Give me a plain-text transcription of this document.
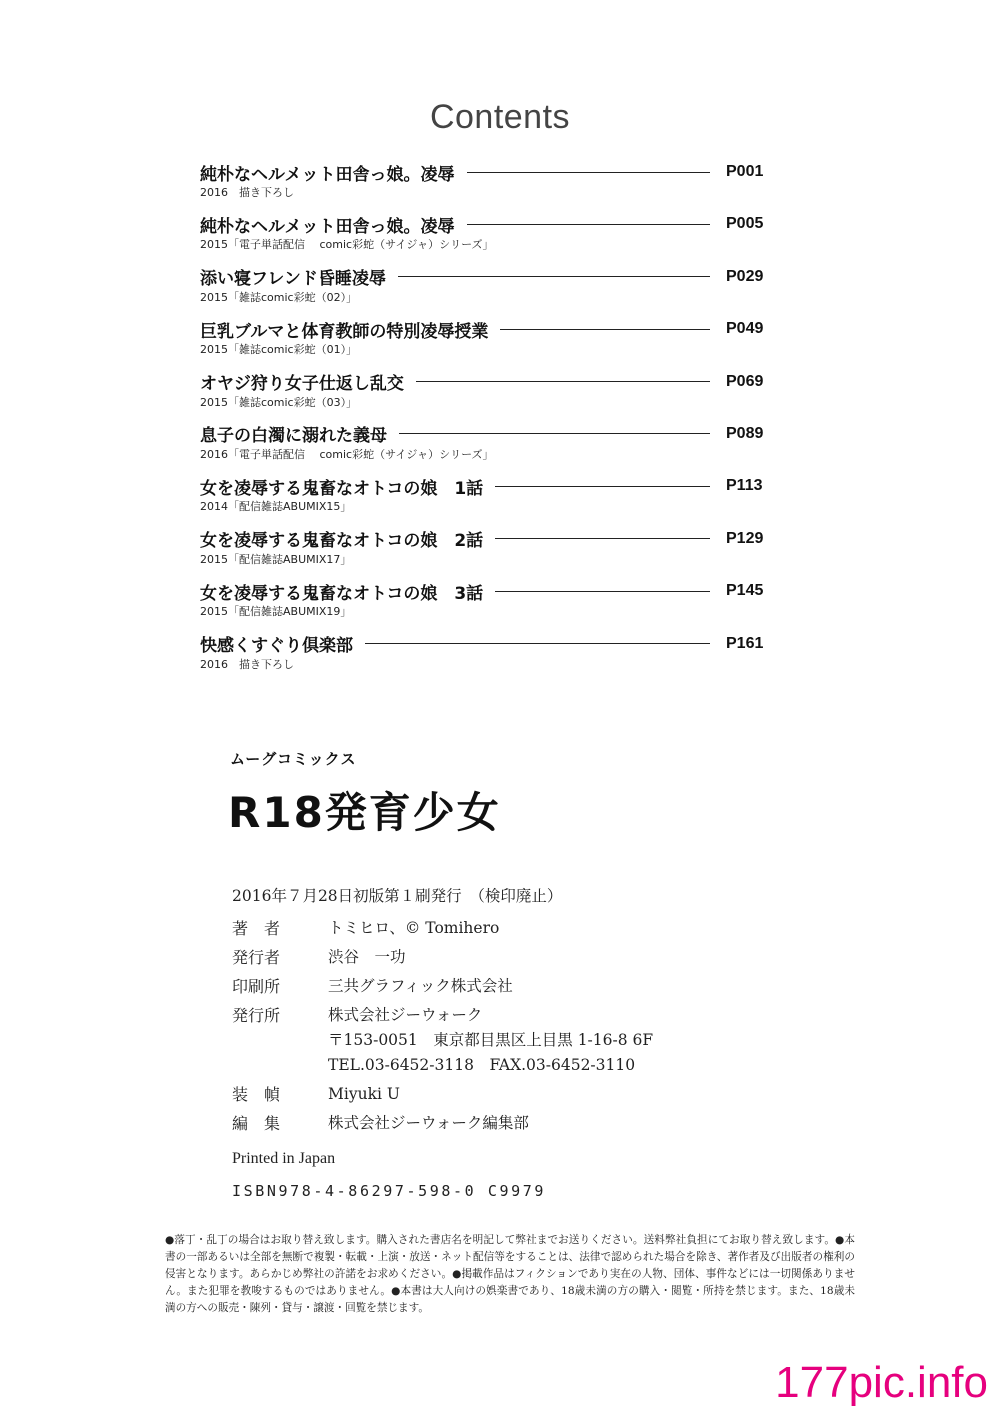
Contents
純朴なヘルメット田舎っ娘。凌辱	P001
2016　描き下ろし
純朴なヘルメット田舎っ娘。凌辱	P005
2015「電子単話配信　 comic彩蛇（サイジャ）シリーズ」
添い寝フレンド昏睡凌辱	P029
2015「雑誌comic彩蛇（02）」
巨乳ブルマと体育教師の特別凌辱授業	P049
2015「雑誌comic彩蛇（01）」
オヤジ狩り女子仕返し乱交	P069
2015「雑誌comic彩蛇（03）」
息子の白濁に溺れた義母	P089
2016「電子単話配信　 comic彩蛇（サイジャ）シリーズ」
女を凌辱する鬼畜なオトコの娘　1話	P113
2014「配信雑誌ABUMIX15」
女を凌辱する鬼畜なオトコの娘　2話	P129
2015「配信雑誌ABUMIX17」
女を凌辱する鬼畜なオトコの娘　3話	P145
2015「配信雑誌ABUMIX19」
快感くすぐり倶楽部	P161
2016　描き下ろし
ムーグコミックス
R18発育少女
2016年７月28日初版第１刷発行　（検印廃止）
著　者	トミヒロ、© Tomihero
発行者	渋谷　一功
印刷所	三共グラフィック株式会社
発行所	株式会社ジーウォーク
〒153-0051　東京都目黒区上目黒 1-16-8 6F
TEL.03-6452-3118　FAX.03-6452-3110
装　幀	Miyuki U
編　集	株式会社ジーウォーク編集部
Printed in Japan
ISBN978-4-86297-598-0 C9979
●落丁・乱丁の場合はお取り替え致します。購入された書店名を明記して弊社までお送りください。送料弊社負担にてお取り替え致します。●本書の一部あるいは全部を無断で複製・転載・上演・放送・ネット配信等をすることは、法律で認められた場合を除き、著作者及び出版者の権利の侵害となります。あらかじめ弊社の許諾をお求めください。●掲載作品はフィクションであり実在の人物、団体、事件などには一切関係ありません。また犯罪を教唆するものではありません。●本書は大人向けの娯楽書であり、18歳未満の方の購入・閲覧・所持を禁じます。また、18歳未満の方への販売・陳列・貸与・譲渡・回覧を禁じます。
177pic.info
